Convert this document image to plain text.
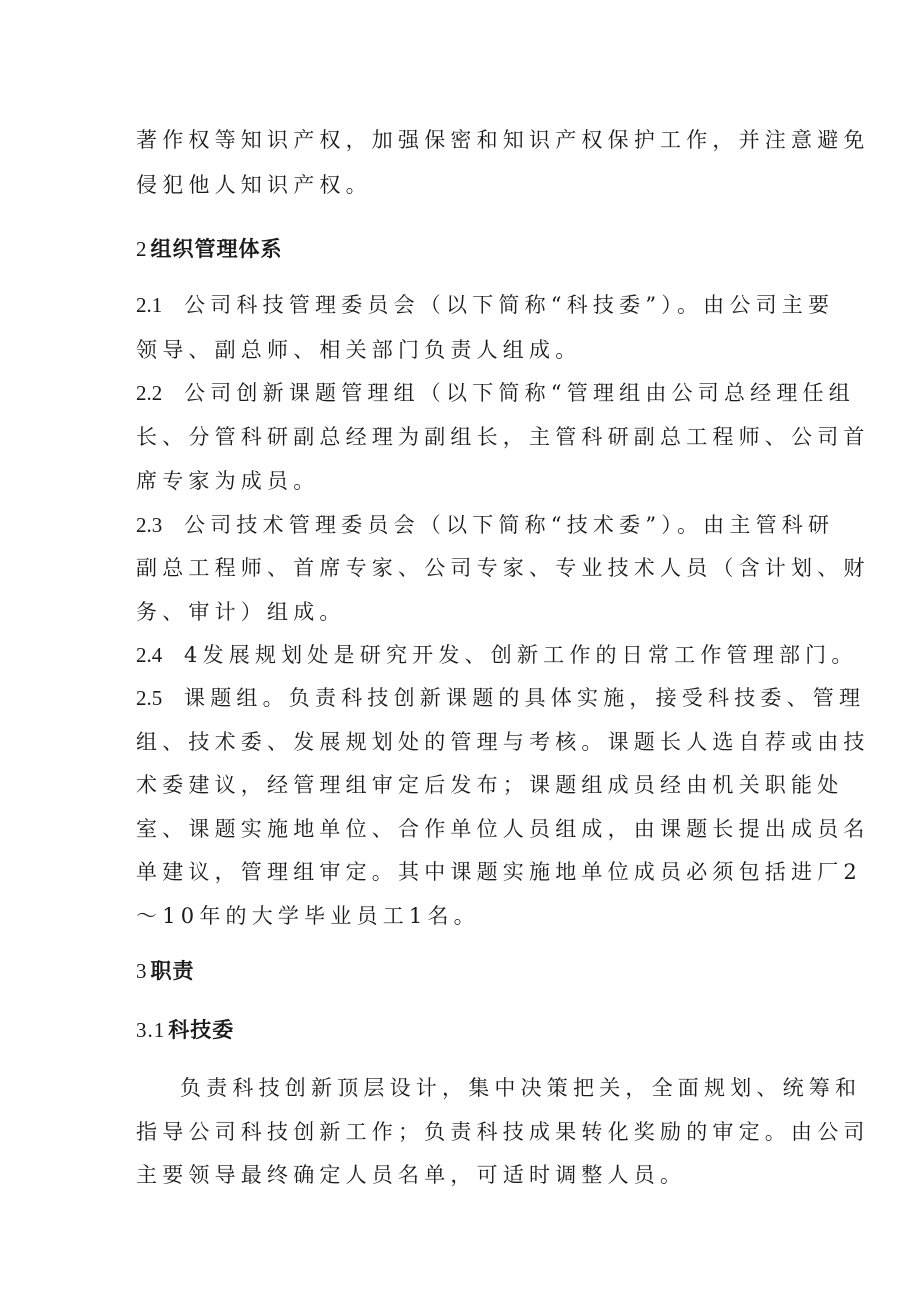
著作权等知识产权，加强保密和知识产权保护工作，并注意避免
侵犯他人知识产权。
2 组织管理体系
2.1 公司科技管理委员会（以下简称“科技委”）。由公司主要
领导、副总师、相关部门负责人组成。
2.2 公司创新课题管理组（以下简称“管理组由公司总经理任组
长、分管科研副总经理为副组长，主管科研副总工程师、公司首
席专家为成员。
2.3 公司技术管理委员会（以下简称“技术委”）。由主管科研
副总工程师、首席专家、公司专家、专业技术人员（含计划、财
务、审计）组成。
2.4 4发展规划处是研究开发、创新工作的日常工作管理部门。
2.5 课题组。负责科技创新课题的具体实施，接受科技委、管理
组、技术委、发展规划处的管理与考核。课题长人选自荐或由技
术委建议，经管理组审定后发布；课题组成员经由机关职能处
室、课题实施地单位、合作单位人员组成，由课题长提出成员名
单建议，管理组审定。其中课题实施地单位成员必须包括进厂2
～10年的大学毕业员工1名。
3 职责
3.1 科技委
负责科技创新顶层设计，集中决策把关，全面规划、统筹和
指导公司科技创新工作；负责科技成果转化奖励的审定。由公司
主要领导最终确定人员名单，可适时调整人员。
